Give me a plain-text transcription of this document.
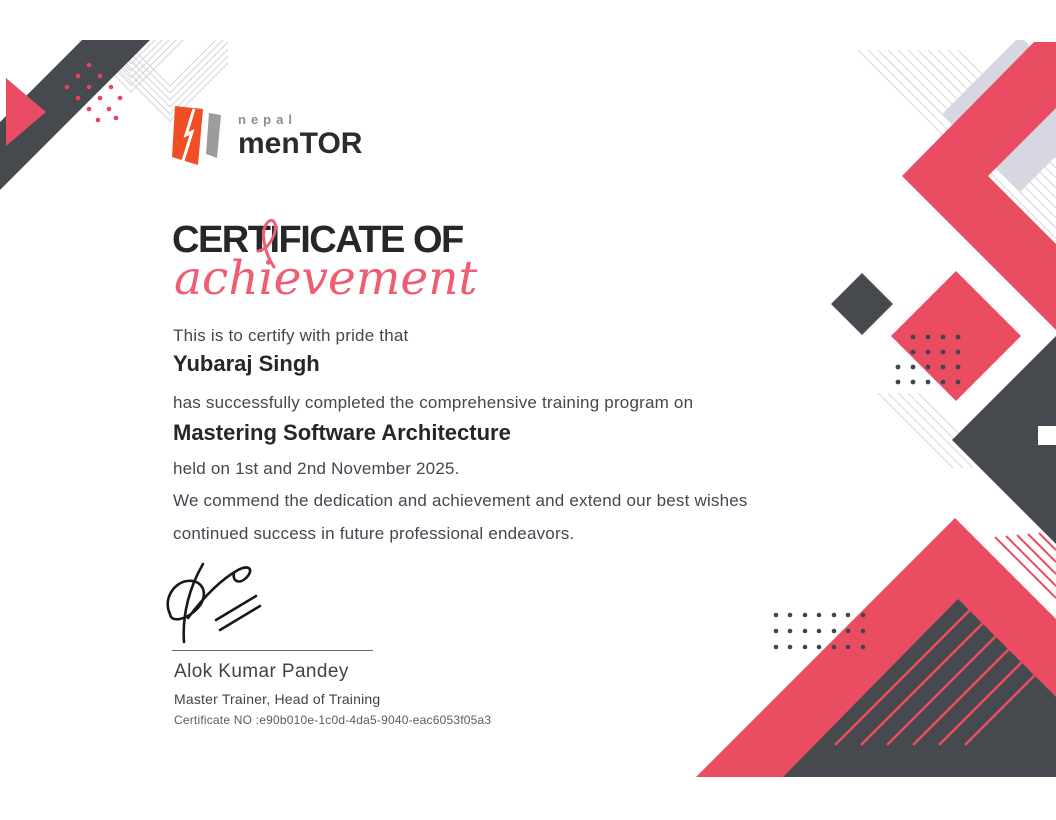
nepal
menTOR
CERTIFICATE OF
achievement
This is to certify with pride that
Yubaraj Singh
has successfully completed the comprehensive training program on
Mastering Software Architecture
held on 1st and 2nd November 2025.
We commend the dedication and achievement and extend our best wishes
continued success in future professional endeavors.
Alok Kumar Pandey
Master Trainer, Head of Training
Certificate NO :e90b010e-1c0d-4da5-9040-eac6053f05a3
